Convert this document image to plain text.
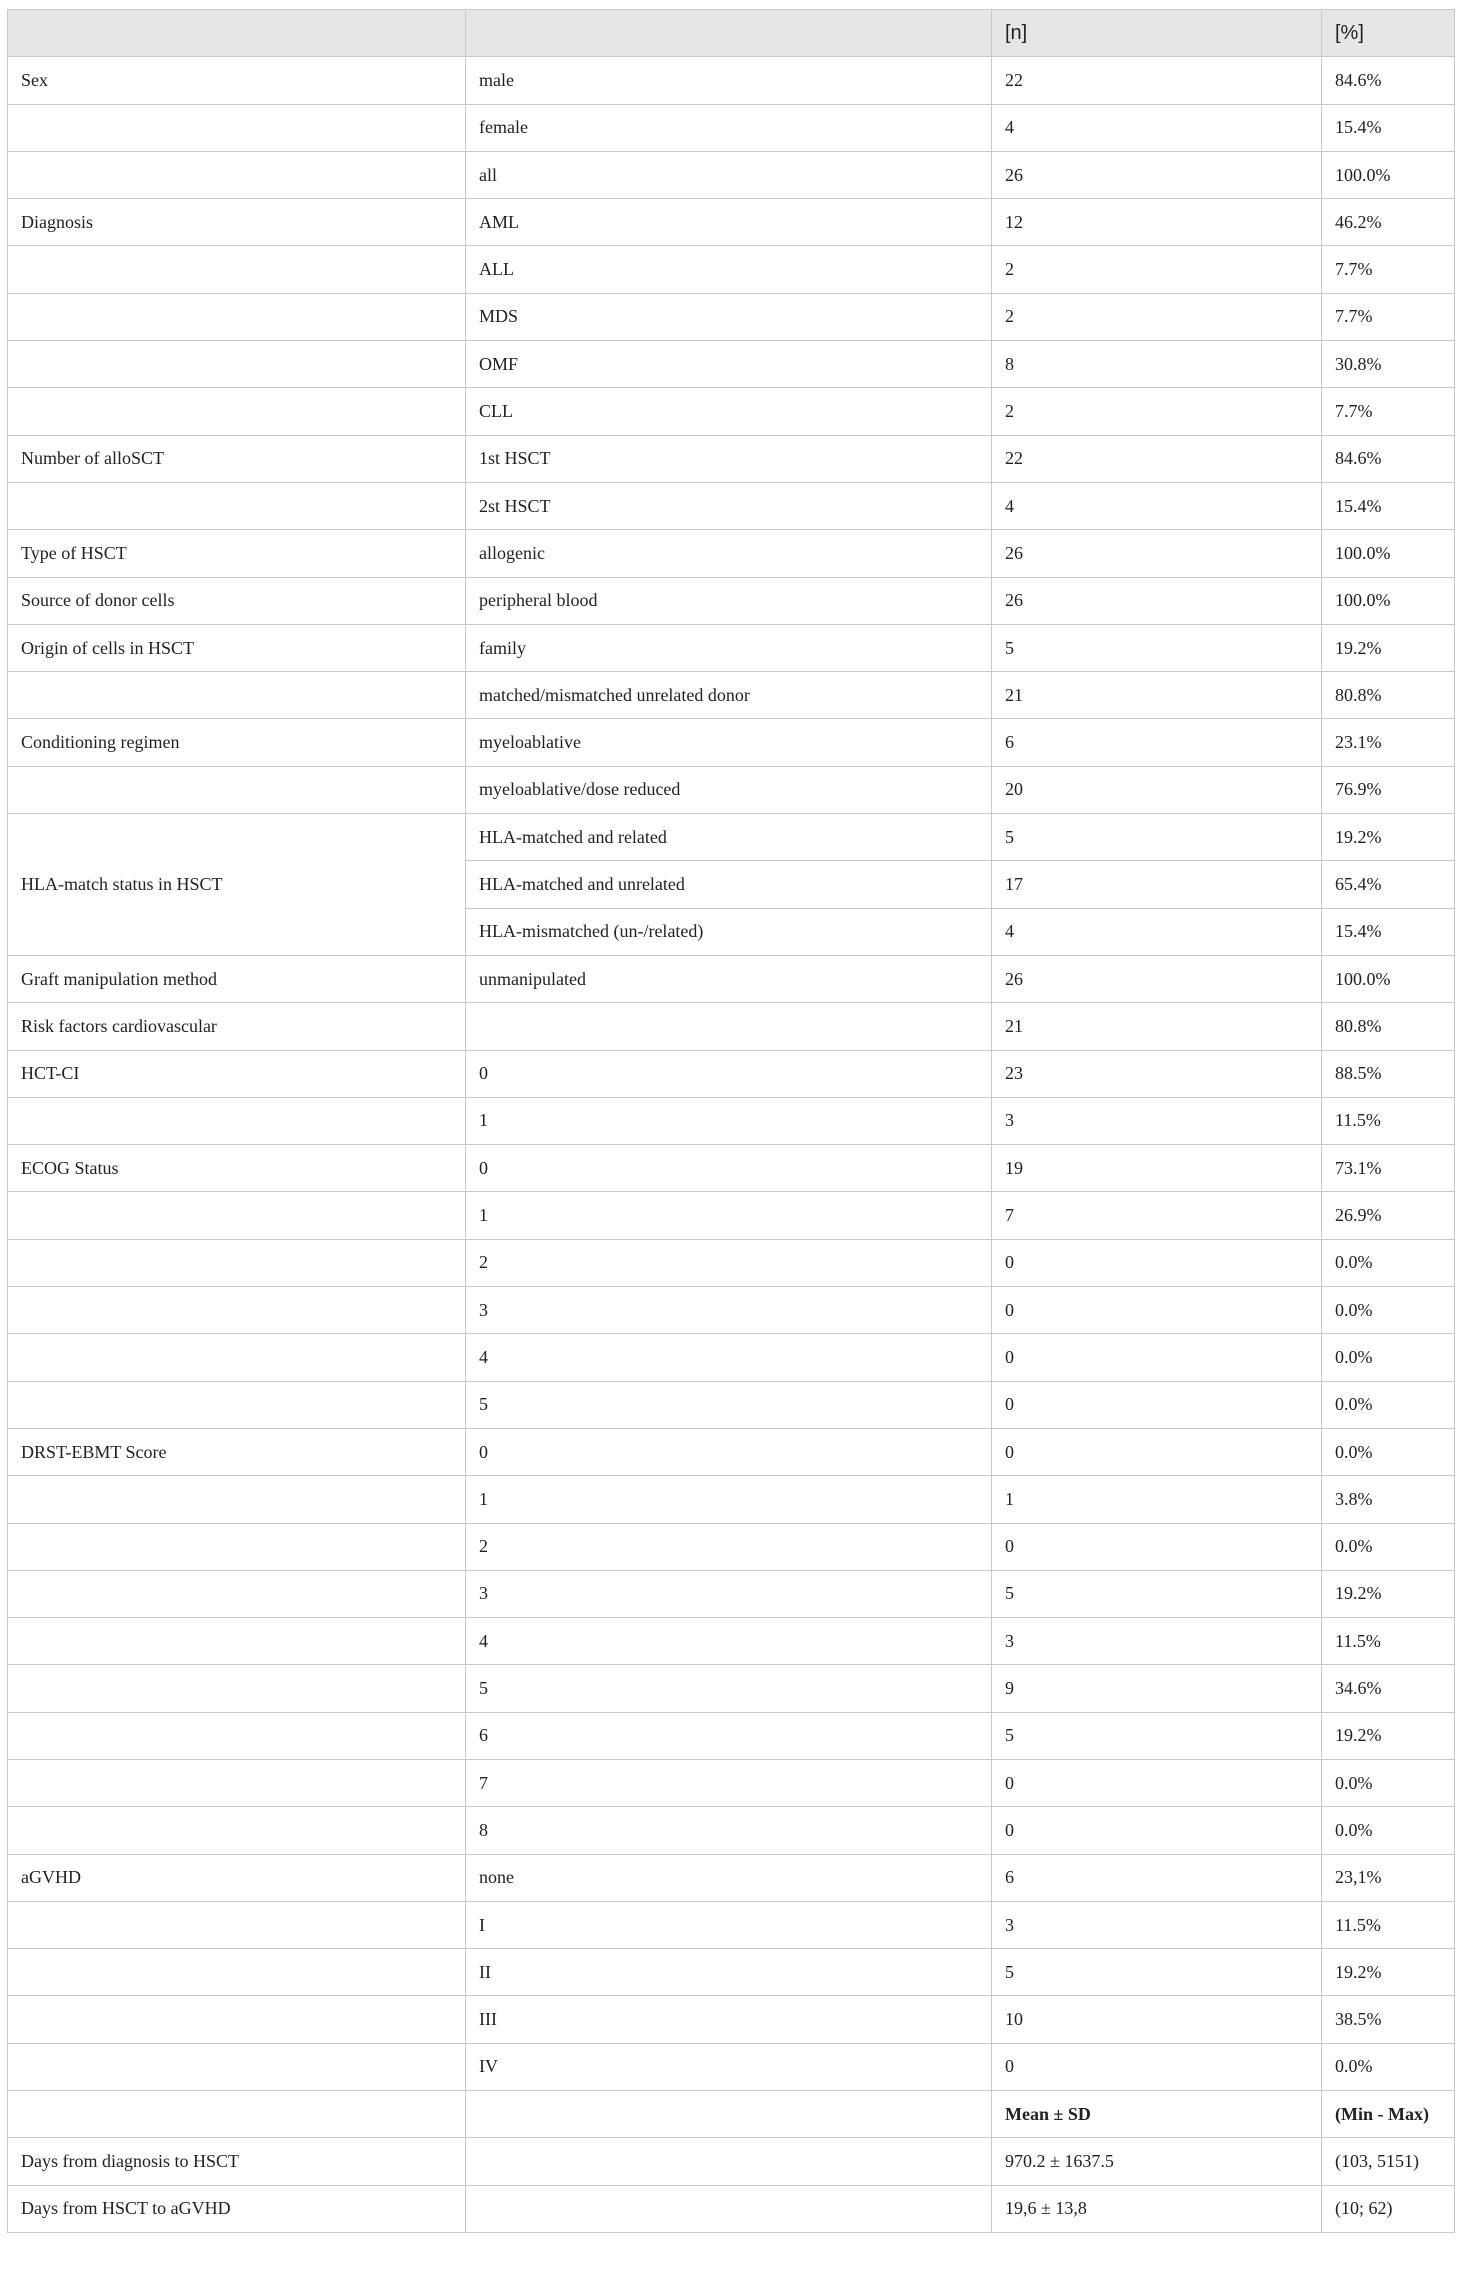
		[n]	[%]
Sex	male	22	84.6%
	female	4	15.4%
	all	26	100.0%
Diagnosis	AML	12	46.2%
	ALL	2	7.7%
	MDS	2	7.7%
	OMF	8	30.8%
	CLL	2	7.7%
Number of alloSCT	1st HSCT	22	84.6%
	2st HSCT	4	15.4%
Type of HSCT	allogenic	26	100.0%
Source of donor cells	peripheral blood	26	100.0%
Origin of cells in HSCT	family	5	19.2%
	matched/mismatched unrelated donor	21	80.8%
Conditioning regimen	myeloablative	6	23.1%
	myeloablative/dose reduced	20	76.9%
HLA-match status in HSCT	HLA-matched and related	5	19.2%
	HLA-matched and unrelated	17	65.4%
	HLA-mismatched (un-/related)	4	15.4%
Graft manipulation method	unmanipulated	26	100.0%
Risk factors cardiovascular		21	80.8%
HCT-CI	0	23	88.5%
	1	3	11.5%
ECOG Status	0	19	73.1%
	1	7	26.9%
	2	0	0.0%
	3	0	0.0%
	4	0	0.0%
	5	0	0.0%
DRST-EBMT Score	0	0	0.0%
	1	1	3.8%
	2	0	0.0%
	3	5	19.2%
	4	3	11.5%
	5	9	34.6%
	6	5	19.2%
	7	0	0.0%
	8	0	0.0%
aGVHD	none	6	23,1%
	I	3	11.5%
	II	5	19.2%
	III	10	38.5%
	IV	0	0.0%
		Mean ± SD	(Min - Max)
Days from diagnosis to HSCT		970.2 ± 1637.5	(103, 5151)
Days from HSCT to aGVHD		19,6 ± 13,8	(10; 62)
